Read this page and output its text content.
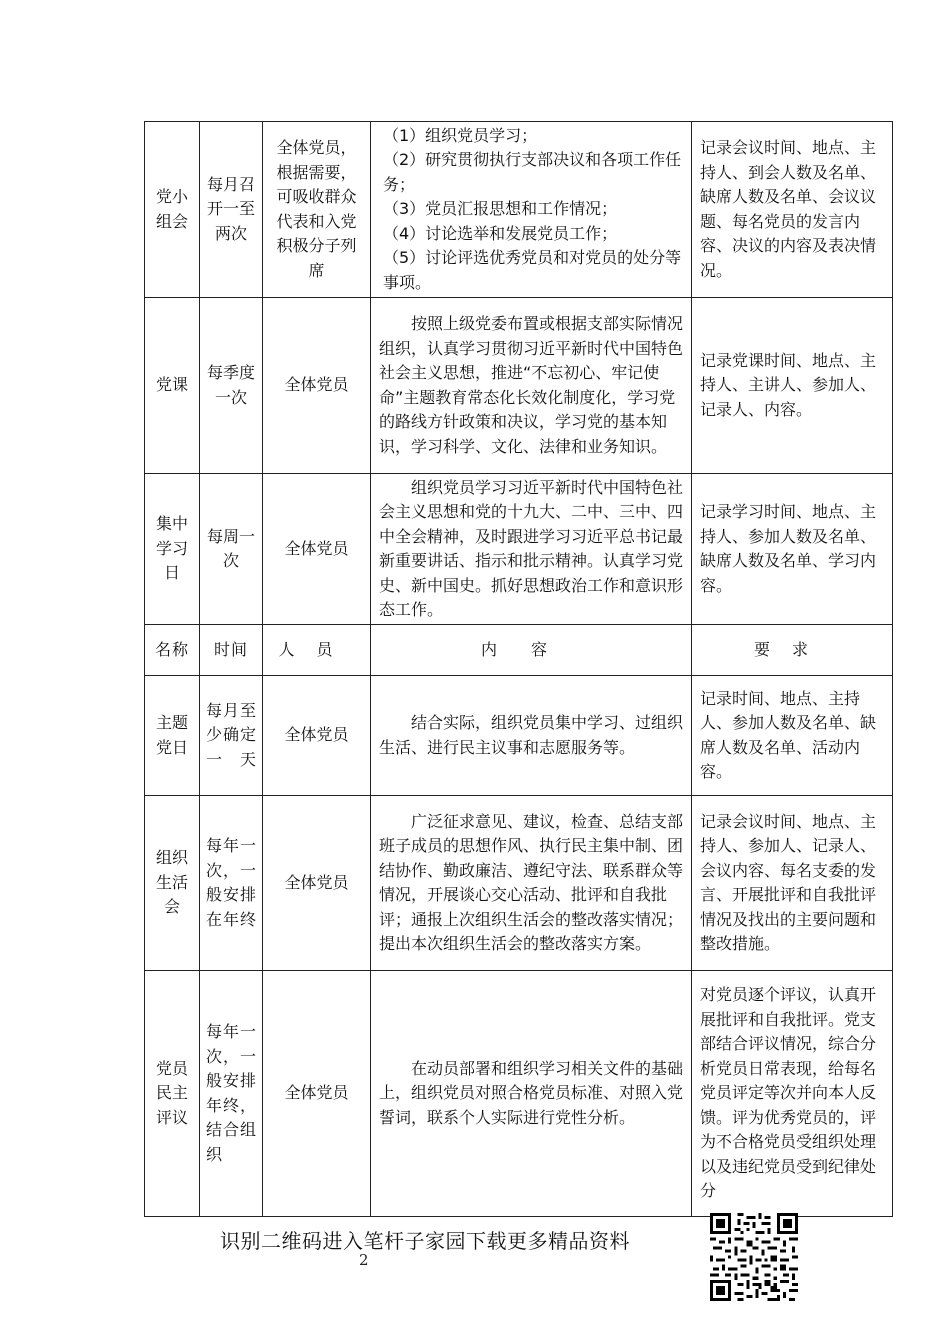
党小组会	每月召开一至两次	全体党员，根据需要，可吸收群众代表和入党积极分子列席	（1）组织党员学习；
（2）研究贯彻执行支部决议和各项工作任务；
（3）党员汇报思想和工作情况；
（4）讨论选举和发展党员工作；
（5）讨论评选优秀党员和对党员的处分等事项。	记录会议时间、地点、主持人、到会人数及名单、缺席人数及名单、会议议题、每名党员的发言内容、决议的内容及表决情况。
党课	每季度一次	全体党员	按照上级党委布置或根据支部实际情况组织，认真学习贯彻习近平新时代中国特色社会主义思想，推进“不忘初心、牢记使命”主题教育常态化长效化制度化，学习党的路线方针政策和决议，学习党的基本知识，学习科学、文化、法律和业务知识。	记录党课时间、地点、主持人、主讲人、参加人、记录人、内容。
集中学习日	每周一次	全体党员	组织党员学习习近平新时代中国特色社会主义思想和党的十九大、二中、三中、四中全会精神，及时跟进学习习近平总书记最新重要讲话、指示和批示精神。认真学习党史、新中国史。抓好思想政治工作和意识形态工作。	记录学习时间、地点、主持人、参加人数及名单、缺席人数及名单、学习内容。
名称	时间	人员	内容	要求
主题党日	每月至少确定一天	全体党员	结合实际，组织党员集中学习、过组织生活、进行民主议事和志愿服务等。	记录时间、地点、主持人、参加人数及名单、缺席人数及名单、活动内容。
组织生活会	每年一次，一般安排在年终	全体党员	广泛征求意见、建议，检查、总结支部班子成员的思想作风、执行民主集中制、团结协作、勤政廉洁、遵纪守法、联系群众等情况，开展谈心交心活动、批评和自我批评；通报上次组织生活会的整改落实情况；提出本次组织生活会的整改落实方案。	记录会议时间、地点、主持人、参加人、记录人、会议内容、每名支委的发言、开展批评和自我批评情况及找出的主要问题和整改措施。
党员民主评议	每年一次，一般安排年终，结合组织	全体党员	在动员部署和组织学习相关文件的基础上，组织党员对照合格党员标准、对照入党誓词，联系个人实际进行党性分析。	对党员逐个评议，认真开展批评和自我批评。党支部结合评议情况，综合分析党员日常表现，给每名党员评定等次并向本人反馈。评为优秀党员的，评为不合格党员受组织处理以及违纪党员受到纪律处分
识别二维码进入笔杆子家园下载更多精品资料
2
